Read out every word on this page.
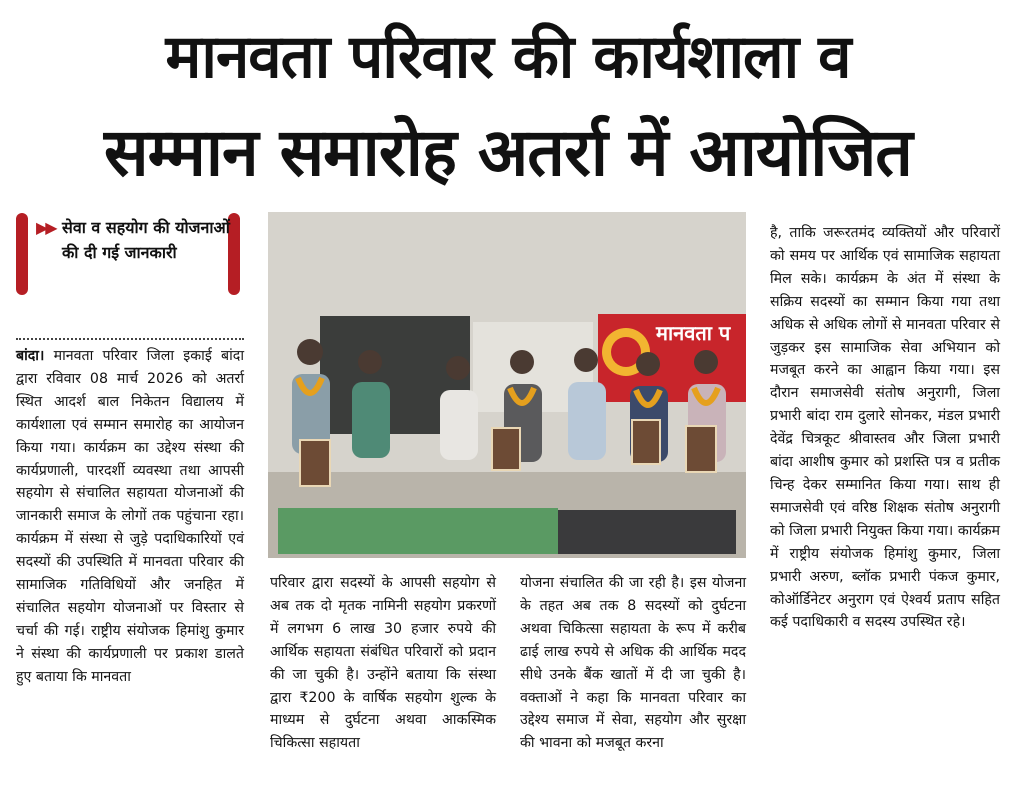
मानवता परिवार की कार्यशाला व
सम्मान समारोह अतर्रा में आयोजित
▶▶ सेवा व सहयोग की योजनाओं की दी गई जानकारी
बांदा। मानवता परिवार जिला इकाई बांदा द्वारा रविवार 08 मार्च 2026 को अतर्रा स्थित आदर्श बाल निकेतन विद्यालय में कार्यशाला एवं सम्मान समारोह का आयोजन किया गया। कार्यक्रम का उद्देश्य संस्था की कार्यप्रणाली, पारदर्शी व्यवस्था तथा आपसी सहयोग से संचालित सहायता योजनाओं की जानकारी समाज के लोगों तक पहुंचाना रहा। कार्यक्रम में संस्था से जुड़े पदाधिकारियों एवं सदस्यों की उपस्थिति में मानवता परिवार की सामाजिक गतिविधियों और जनहित में संचालित सहयोग योजनाओं पर विस्तार से चर्चा की गई। राष्ट्रीय संयोजक हिमांशु कुमार ने संस्था की कार्यप्रणाली पर प्रकाश डालते हुए बताया कि मानवता
मानवता प
परिवार द्वारा सदस्यों के आपसी सहयोग से अब तक दो मृतक नामिनी सहयोग प्रकरणों में लगभग 6 लाख 30 हजार रुपये की आर्थिक सहायता संबंधित परिवारों को प्रदान की जा चुकी है। उन्होंने बताया कि संस्था द्वारा ₹200 के वार्षिक सहयोग शुल्क के माध्यम से दुर्घटना अथवा आकस्मिक चिकित्सा सहायता
योजना संचालित की जा रही है। इस योजना के तहत अब तक 8 सदस्यों को दुर्घटना अथवा चिकित्सा सहायता के रूप में करीब ढाई लाख रुपये से अधिक की आर्थिक मदद सीधे उनके बैंक खातों में दी जा चुकी है। वक्ताओं ने कहा कि मानवता परिवार का उद्देश्य समाज में सेवा, सहयोग और सुरक्षा की भावना को मजबूत करना
है, ताकि जरूरतमंद व्यक्तियों और परिवारों को समय पर आर्थिक एवं सामाजिक सहायता मिल सके। कार्यक्रम के अंत में संस्था के सक्रिय सदस्यों का सम्मान किया गया तथा अधिक से अधिक लोगों से मानवता परिवार से जुड़कर इस सामाजिक सेवा अभियान को मजबूत करने का आह्वान किया गया। इस दौरान समाजसेवी संतोष अनुरागी, जिला प्रभारी बांदा राम दुलारे सोनकर, मंडल प्रभारी देवेंद्र चित्रकूट श्रीवास्तव और जिला प्रभारी बांदा आशीष कुमार को प्रशस्ति पत्र व प्रतीक चिन्ह देकर सम्मानित किया गया। साथ ही समाजसेवी एवं वरिष्ठ शिक्षक संतोष अनुरागी को जिला प्रभारी नियुक्त किया गया। कार्यक्रम में राष्ट्रीय संयोजक हिमांशु कुमार, जिला प्रभारी अरुण, ब्लॉक प्रभारी पंकज कुमार, कोऑर्डिनेटर अनुराग एवं ऐश्वर्य प्रताप सहित कई पदाधिकारी व सदस्य उपस्थित रहे।
